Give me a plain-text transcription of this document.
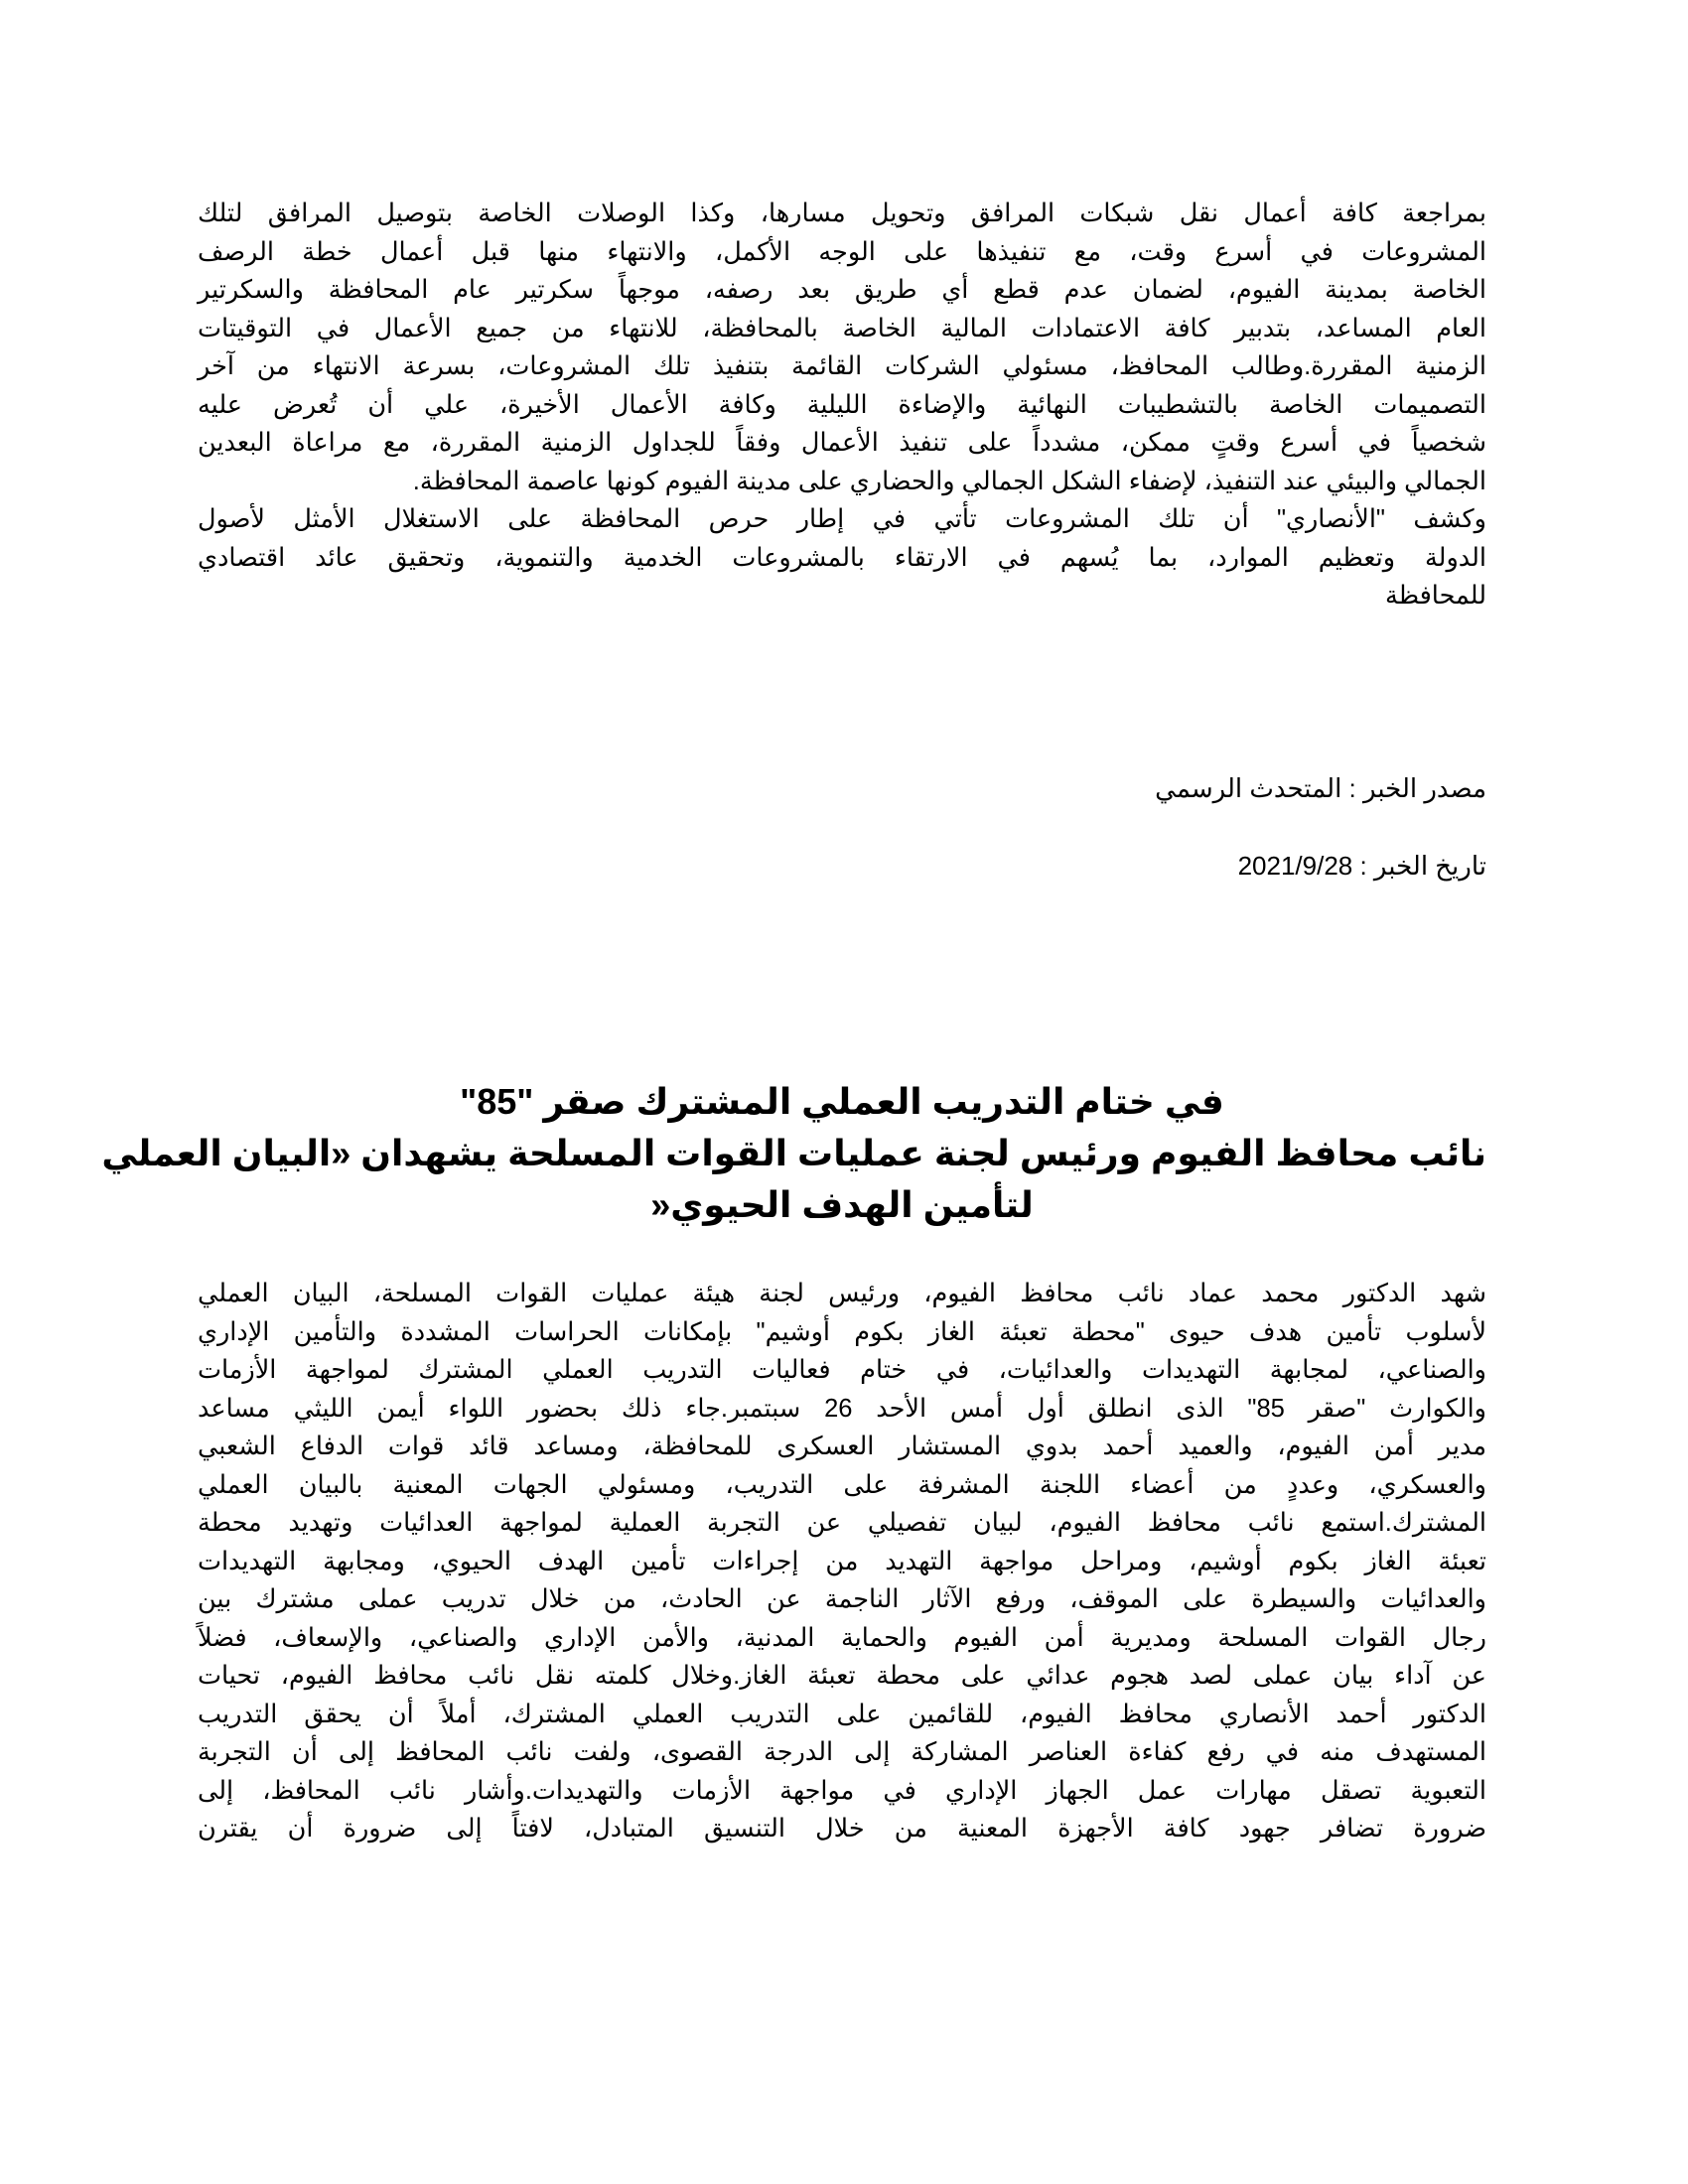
بمراجعة كافة أعمال نقل شبكات المرافق وتحويل مسارها، وكذا الوصلات الخاصة بتوصيل المرافق لتلك
المشروعات في أسرع وقت، مع تنفيذها على الوجه الأكمل، والانتهاء منها قبل أعمال خطة الرصف
الخاصة بمدينة الفيوم، لضمان عدم قطع أي طريق بعد رصفه، موجهاً سكرتير عام المحافظة والسكرتير
العام المساعد، بتدبير كافة الاعتمادات المالية الخاصة بالمحافظة، للانتهاء من جميع الأعمال في التوقيتات
الزمنية المقررة.وطالب المحافظ، مسئولي الشركات القائمة بتنفيذ تلك المشروعات، بسرعة الانتهاء من آخر
التصميمات الخاصة بالتشطيبات النهائية والإضاءة الليلية وكافة الأعمال الأخيرة، علي أن تُعرض عليه
شخصياً في أسرع وقتٍ ممكن، مشدداً على تنفيذ الأعمال وفقاً للجداول الزمنية المقررة، مع مراعاة البعدين
الجمالي والبيئي عند التنفيذ، لإضفاء الشكل الجمالي والحضاري على مدينة الفيوم كونها عاصمة المحافظة.
وكشف "الأنصاري" أن تلك المشروعات تأتي في إطار حرص المحافظة على الاستغلال الأمثل لأصول
الدولة وتعظيم الموارد، بما يُسهم في الارتقاء بالمشروعات الخدمية والتنموية، وتحقيق عائد اقتصادي
للمحافظة

مصدر الخبر : المتحدث الرسمي

تاريخ الخبر : 2021/9/28

في ختام التدريب العملي المشترك صقر "85"
نائب محافظ الفيوم ورئيس لجنة عمليات القوات المسلحة يشهدان «البيان العملي
لتأمين الهدف الحيوي«
شهد الدكتور محمد عماد نائب محافظ الفيوم، ورئيس لجنة هيئة عمليات القوات المسلحة، البيان العملي
لأسلوب تأمين هدف حيوى "محطة تعبئة الغاز بكوم أوشيم" بإمكانات الحراسات المشددة والتأمين الإداري
والصناعي، لمجابهة التهديدات والعدائيات، في ختام فعاليات التدريب العملي المشترك لمواجهة الأزمات
والكوارث "صقر 85" الذى انطلق أول أمس الأحد 26 سبتمبر.جاء ذلك بحضور اللواء أيمن الليثي مساعد
مدير أمن الفيوم، والعميد أحمد بدوي المستشار العسكرى للمحافظة، ومساعد قائد قوات الدفاع الشعبي
والعسكري، وعددٍ من أعضاء اللجنة المشرفة على التدريب، ومسئولي الجهات المعنية بالبيان العملي
المشترك.استمع نائب محافظ الفيوم، لبيان تفصيلي عن التجربة العملية لمواجهة العدائيات وتهديد محطة
تعبئة الغاز بكوم أوشيم، ومراحل مواجهة التهديد من إجراءات تأمين الهدف الحيوي، ومجابهة التهديدات
والعدائيات والسيطرة على الموقف، ورفع الآثار الناجمة عن الحادث، من خلال تدريب عملى مشترك بين
رجال القوات المسلحة ومديرية أمن الفيوم والحماية المدنية، والأمن الإداري والصناعي، والإسعاف، فضلاً
عن آداء بيان عملى لصد هجوم عدائي على محطة تعبئة الغاز.وخلال كلمته نقل نائب محافظ الفيوم، تحيات
الدكتور أحمد الأنصاري محافظ الفيوم، للقائمين على التدريب العملي المشترك، أملاً أن يحقق التدريب
المستهدف منه في رفع كفاءة العناصر المشاركة إلى الدرجة القصوى، ولفت نائب المحافظ إلى أن التجربة
التعبوية تصقل مهارات عمل الجهاز الإداري في مواجهة الأزمات والتهديدات.وأشار نائب المحافظ، إلى
ضرورة تضافر جهود كافة الأجهزة المعنية من خلال التنسيق المتبادل، لافتاً إلى ضرورة أن يقترن
